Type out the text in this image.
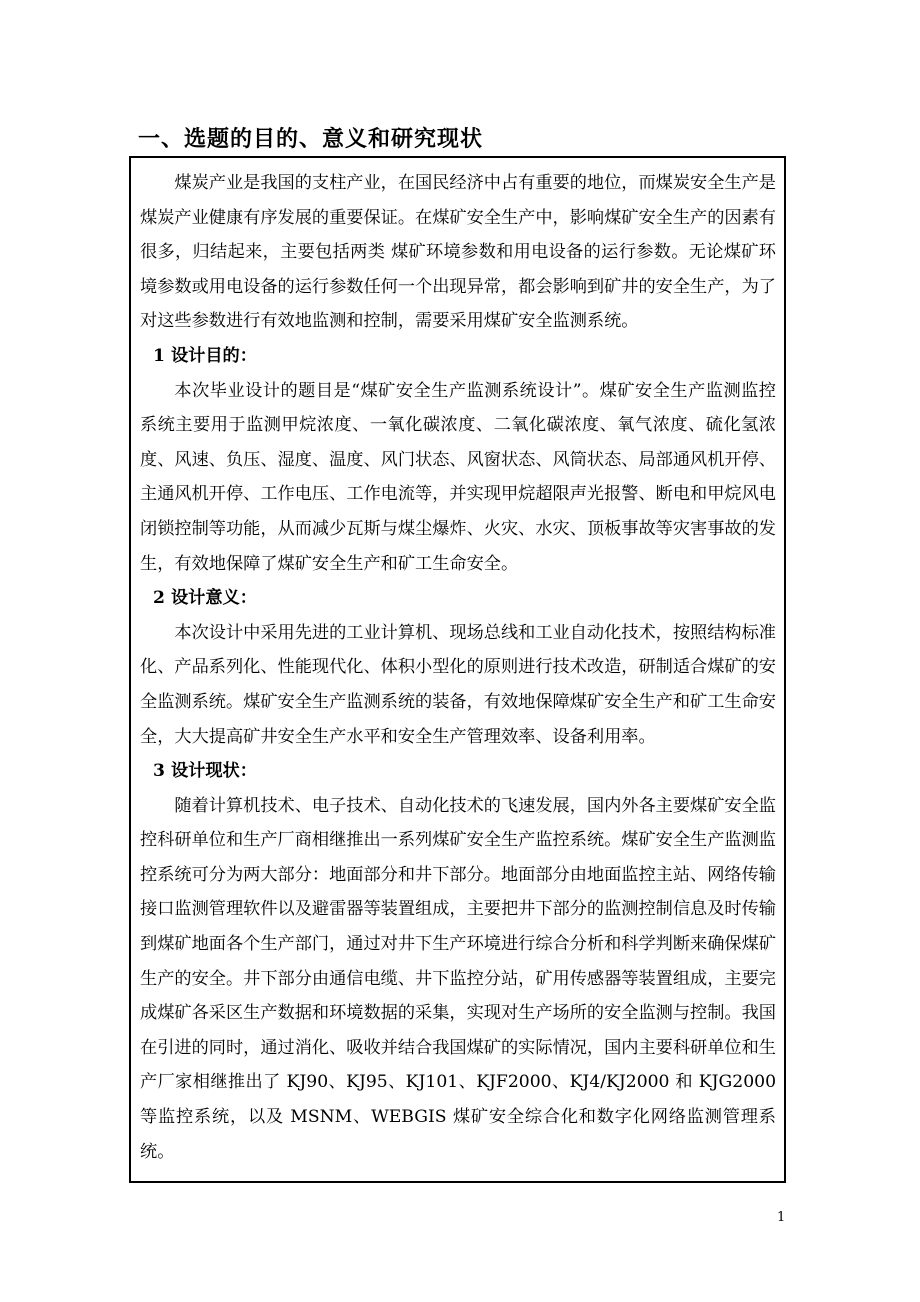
一、选题的目的、意义和研究现状

煤炭产业是我国的支柱产业，在国民经济中占有重要的地位，而煤炭安全生产是煤炭产业健康有序发展的重要保证。在煤矿安全生产中，影响煤矿安全生产的因素有很多，归结起来，主要包括两类 煤矿环境参数和用电设备的运行参数。无论煤矿环境参数或用电设备的运行参数任何一个出现异常，都会影响到矿井的安全生产，为了对这些参数进行有效地监测和控制，需要采用煤矿安全监测系统。

1 设计目的：

本次毕业设计的题目是“煤矿安全生产监测系统设计”。煤矿安全生产监测监控系统主要用于监测甲烷浓度、一氧化碳浓度、二氧化碳浓度、氧气浓度、硫化氢浓度、风速、负压、湿度、温度、风门状态、风窗状态、风筒状态、局部通风机开停、主通风机开停、工作电压、工作电流等，并实现甲烷超限声光报警、断电和甲烷风电闭锁控制等功能，从而减少瓦斯与煤尘爆炸、火灾、水灾、顶板事故等灾害事故的发生，有效地保障了煤矿安全生产和矿工生命安全。

2 设计意义：

本次设计中采用先进的工业计算机、现场总线和工业自动化技术，按照结构标准化、产品系列化、性能现代化、体积小型化的原则进行技术改造，研制适合煤矿的安全监测系统。煤矿安全生产监测系统的装备，有效地保障煤矿安全生产和矿工生命安全，大大提高矿井安全生产水平和安全生产管理效率、设备利用率。

3 设计现状：

随着计算机技术、电子技术、自动化技术的飞速发展，国内外各主要煤矿安全监控科研单位和生产厂商相继推出一系列煤矿安全生产监控系统。煤矿安全生产监测监控系统可分为两大部分：地面部分和井下部分。地面部分由地面监控主站、网络传输接口监测管理软件以及避雷器等装置组成，主要把井下部分的监测控制信息及时传输到煤矿地面各个生产部门，通过对井下生产环境进行综合分析和科学判断来确保煤矿生产的安全。井下部分由通信电缆、井下监控分站，矿用传感器等装置组成，主要完成煤矿各采区生产数据和环境数据的采集，实现对生产场所的安全监测与控制。我国在引进的同时，通过消化、吸收并结合我国煤矿的实际情况，国内主要科研单位和生产厂家相继推出了 KJ90、KJ95、KJ101、KJF2000、KJ4/KJ2000 和 KJG2000 等监控系统，以及 MSNM、WEBGIS 煤矿安全综合化和数字化网络监测管理系统。

1
